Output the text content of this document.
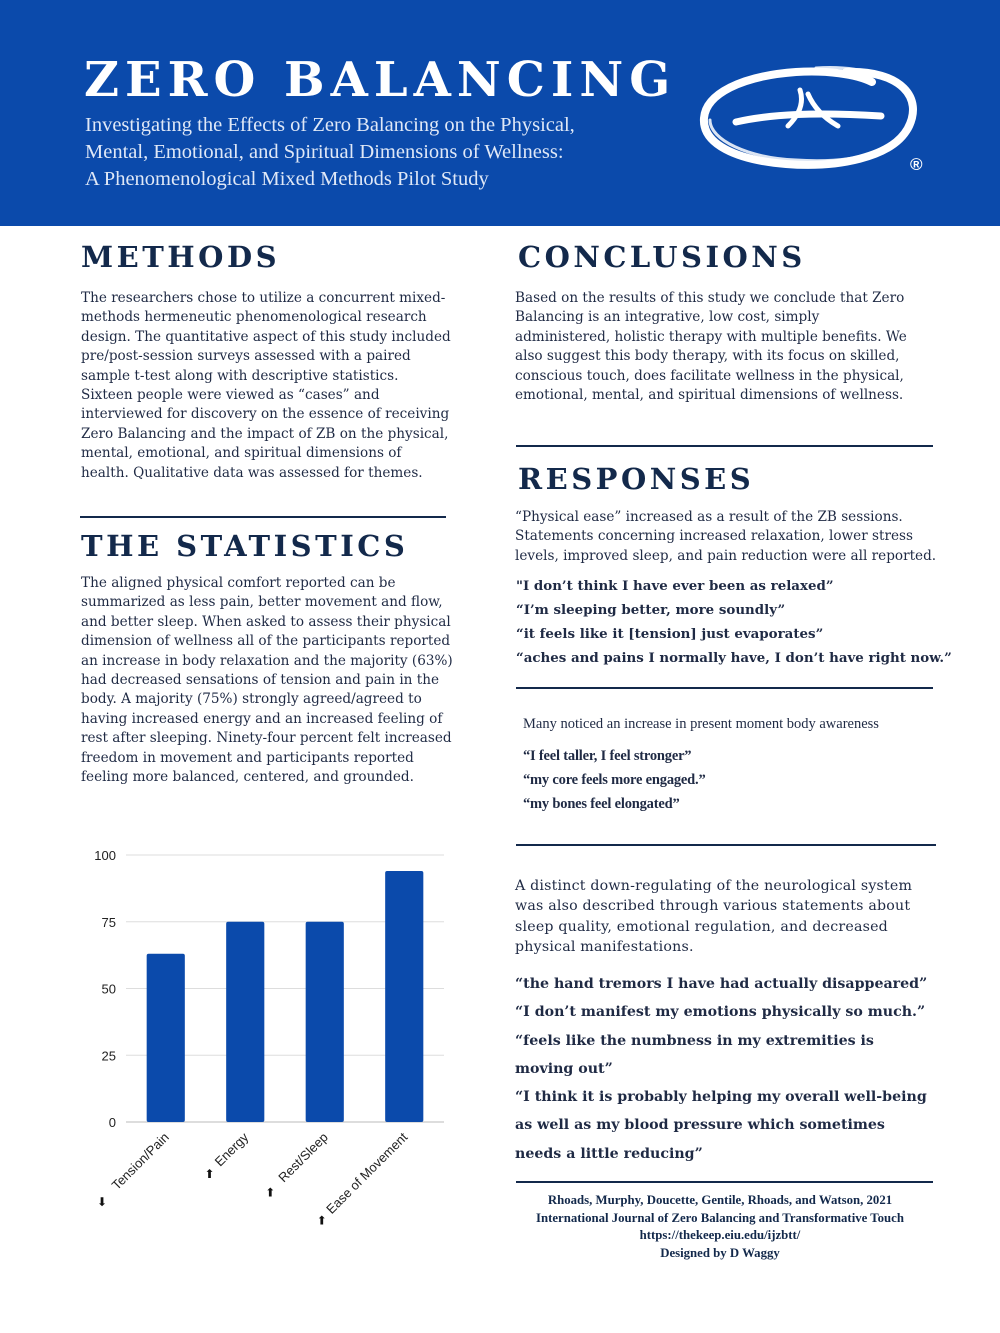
ZERO BALANCING
Investigating the Effects of Zero Balancing on the Physical,
Mental, Emotional, and Spiritual Dimensions of Wellness:
A Phenomenological Mixed Methods Pilot Study
®
METHODS

The researchers chose to utilize a concurrent mixed-methods hermeneutic phenomenological research design. The quantitative aspect of this study included pre/post-session surveys assessed with a paired sample t-test along with descriptive statistics. Sixteen people were viewed as “cases” and interviewed for discovery on the essence of receiving Zero Balancing and the impact of ZB on the physical, mental, emotional, and spiritual dimensions of health. Qualitative data was assessed for themes.

THE STATISTICS

The aligned physical comfort reported can be summarized as less pain, better movement and flow, and better sleep. When asked to assess their physical dimension of wellness all of the participants reported an increase in body relaxation and the majority (63%) had decreased sensations of tension and pain in the body. A majority (75%) strongly agreed/agreed to having increased energy and an increased feeling of rest after sleeping. Ninety-four percent felt increased freedom in movement and participants reported feeling more balanced, centered, and grounded.

0
25
50
75
100
Tension/Pain
⬇
Energy
⬆	Rest/Sleep
⬆	Ease of Movement
⬆
CONCLUSIONS

Based on the results of this study we conclude that Zero Balancing is an integrative, low cost, simply administered, holistic therapy with multiple benefits. We also suggest this body therapy, with its focus on skilled, conscious touch, does facilitate wellness in the physical, emotional, mental, and spiritual dimensions of wellness.

RESPONSES

“Physical ease” increased as a result of the ZB sessions. Statements concerning increased relaxation, lower stress levels, improved sleep, and pain reduction were all reported.

"I don’t think I have ever been as relaxed”
“I’m sleeping better, more soundly”
“it feels like it [tension] just evaporates”
“aches and pains I normally have, I don’t have right now.”
Many noticed an increase in present moment body awareness
“I feel taller, I feel stronger”
“my core feels more engaged.”
“my bones feel elongated”

A distinct down-regulating of the neurological system was also described through various statements about sleep quality, emotional regulation, and decreased physical manifestations.

“the hand tremors I have had actually disappeared”
“I don’t manifest my emotions physically so much.”
“feels like the numbness in my extremities is moving out”
“I think it is probably helping my overall well-being as well as my blood pressure which sometimes needs a little reducing”
Rhoads, Murphy, Doucette, Gentile, Rhoads, and Watson, 2021
International Journal of Zero Balancing and Transformative Touch
https://thekeep.eiu.edu/ijzbtt/
Designed by D Waggy
